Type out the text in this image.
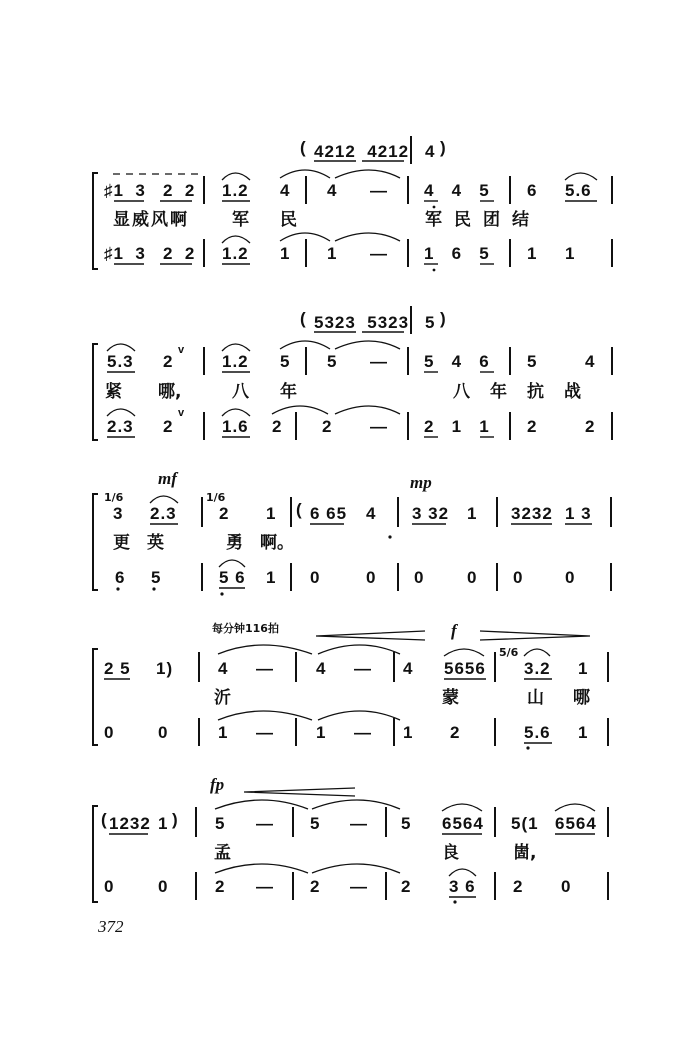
( 4212  4212 4 )
♯1  3   2  2 1.2 4 4 — 4   4   5 6 5.6
显威风啊	军 民	军民团结
♯1  3   2  2 1.2 1 1 — 1   6   5 1 1
( 5323  5323 5 )
5.3 2
v
1.2 5 5 — 5   4   6 5	4
紧 哪,	八 年	八年抗战
2.3 2
v
1.6 2 2 — 2   1   1 2	2
mf	mp
1/6
3 2.3
1/6
2 1 ( 6 65 4 3 32 1 3232 1 3
更 英	勇 啊。
6 5	5 6 1 0	0 0	0 0 0
每分钟116拍	f
2 5 1)	4 — 4 — 4 5656
5/6
3.2 1
沂	蒙	山 哪
0	0	1 — 1 — 1 2	5.6 1
fp
( 1232 1 ) 5 — 5 — 5 6564 5(1 6564
孟	良	崮,
0	0	2 — 2 — 2 3 6 2 0
372
